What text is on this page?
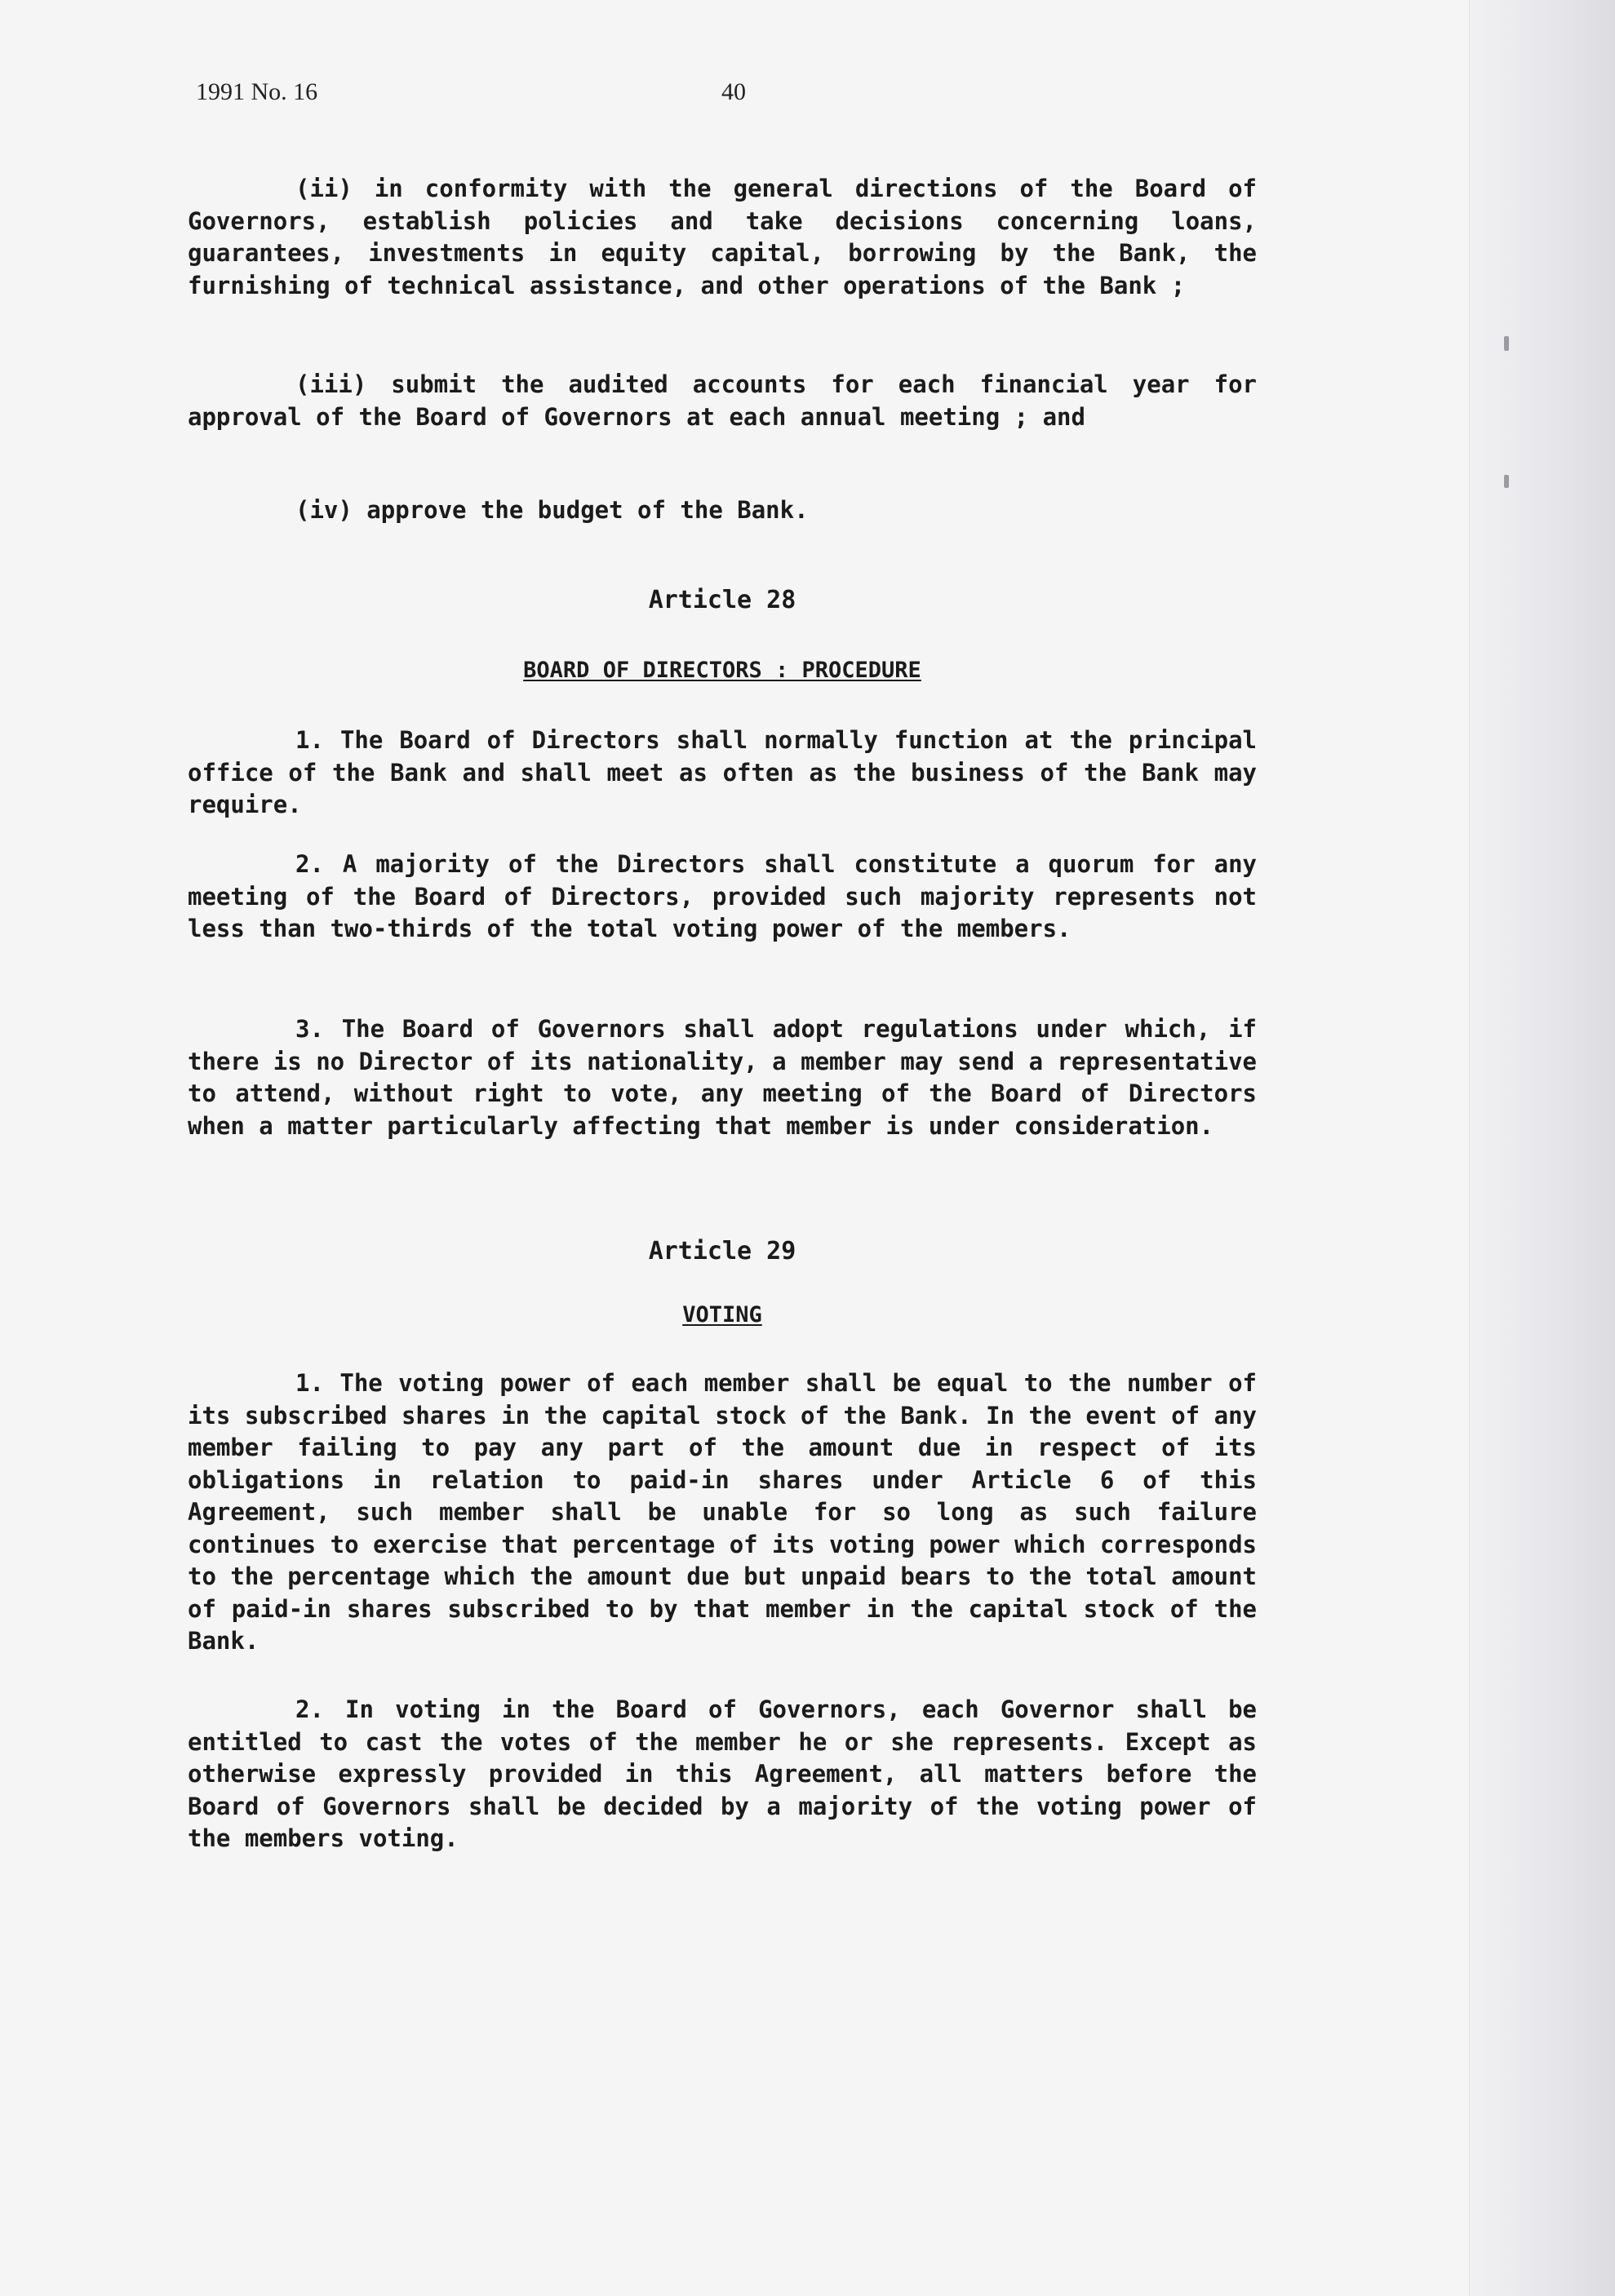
1991 No. 16	40

(ii) in conformity with the general directions of the Board of Governors, establish policies and take decisions concerning loans, guarantees, investments in equity capital, borrowing by the Bank, the furnishing of technical assistance, and other operations of the Bank ;

(iii) submit the audited accounts for each financial year for approval of the Board of Governors at each annual meeting ; and

(iv) approve the budget of the Bank.

Article 28
BOARD OF DIRECTORS : PROCEDURE

1. The Board of Directors shall normally function at the principal office of the Bank and shall meet as often as the business of the Bank may require.

2. A majority of the Directors shall constitute a quorum for any meeting of the Board of Directors, provided such majority represents not less than two-thirds of the total voting power of the members.

3. The Board of Governors shall adopt regulations under which, if there is no Director of its nationality, a member may send a representative to attend, without right to vote, any meeting of the Board of Directors when a matter particularly affecting that member is under consideration.

Article 29
VOTING

1. The voting power of each member shall be equal to the number of its subscribed shares in the capital stock of the Bank. In the event of any member failing to pay any part of the amount due in respect of its obligations in relation to paid-in shares under Article 6 of this Agreement, such member shall be unable for so long as such failure continues to exercise that percentage of its voting power which corresponds to the percentage which the amount due but unpaid bears to the total amount of paid-in shares subscribed to by that member in the capital stock of the Bank.

2. In voting in the Board of Governors, each Governor shall be entitled to cast the votes of the member he or she represents. Except as otherwise expressly provided in this Agreement, all matters before the Board of Governors shall be decided by a majority of the voting power of the members voting.
